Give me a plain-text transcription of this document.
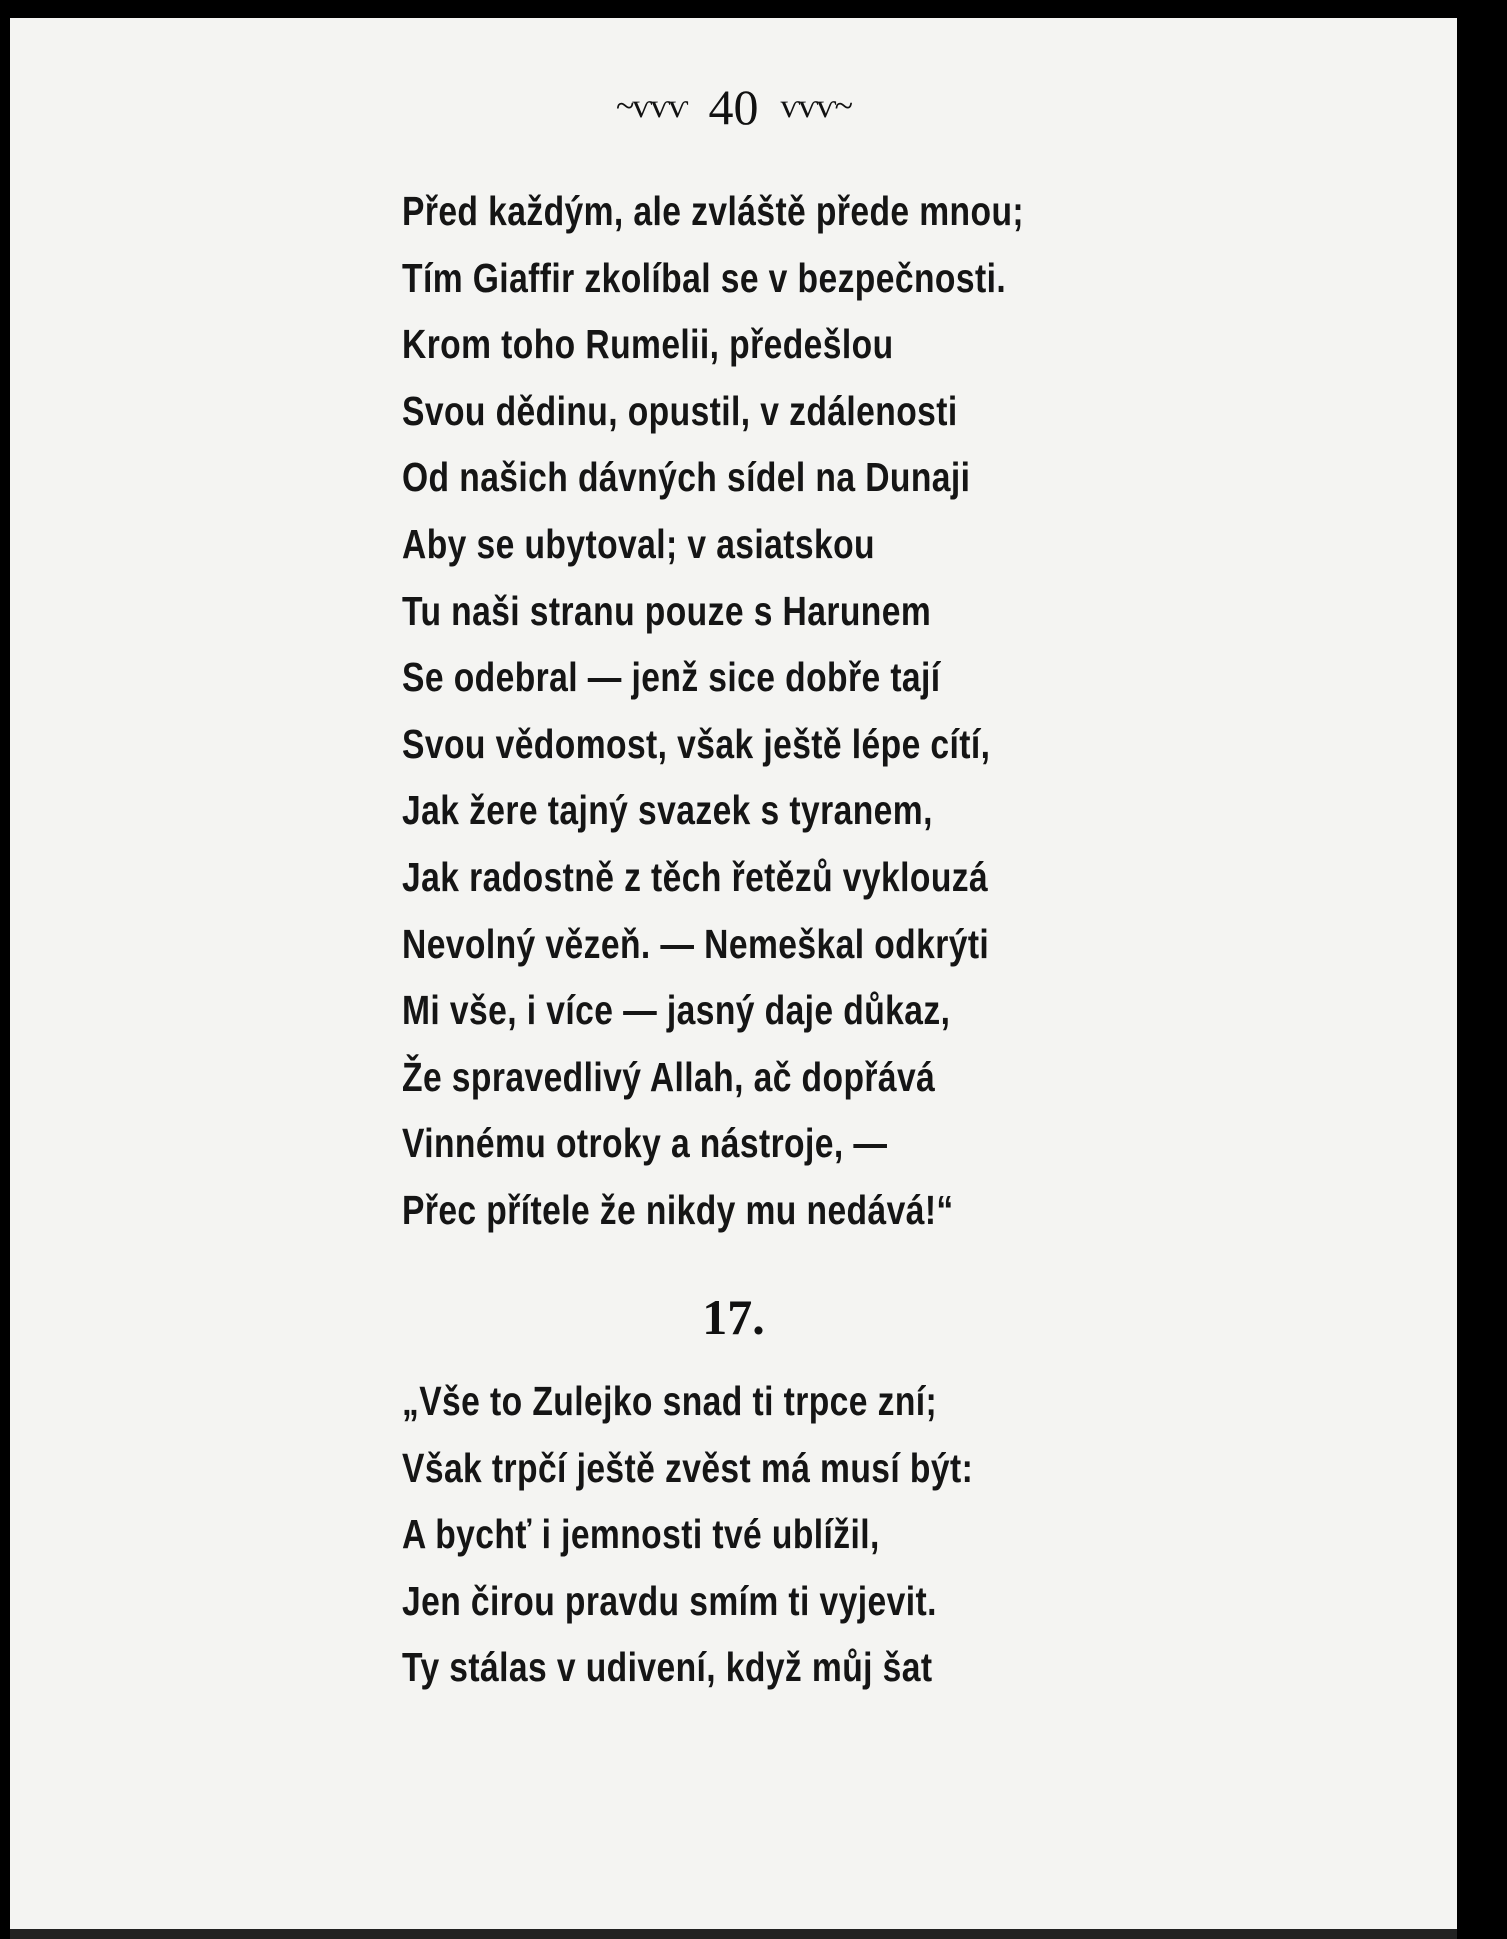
~ѵѵѵ 40 ѵѵѵ~
Před každým, ale zvláště přede mnou;
Tím Giaffir zkolíbal se v bezpečnosti.
Krom toho Rumelii, předešlou
Svou dědinu, opustil, v zdálenosti
Od našich dávných sídel na Dunaji
Aby se ubytoval; v asiatskou
Tu naši stranu pouze s Harunem
Se odebral — jenž sice dobře tají
Svou vědomost, však ještě lépe cítí,
Jak žere tajný svazek s tyranem,
Jak radostně z těch řetězů vyklouzá
Nevolný vězeň. — Nemeškal odkrýti
Mi vše, i více — jasný daje důkaz,
Že spravedlivý Allah, ač dopřává
Vinnému otroky a nástroje, —
Přec přítele že nikdy mu nedává!“
17.
„Vše to Zulejko snad ti trpce zní;
Však trpčí ještě zvěst má musí být:
A bychť i jemnosti tvé ublížil,
Jen čirou pravdu smím ti vyjevit.
Ty stálas v udivení, když můj šat
